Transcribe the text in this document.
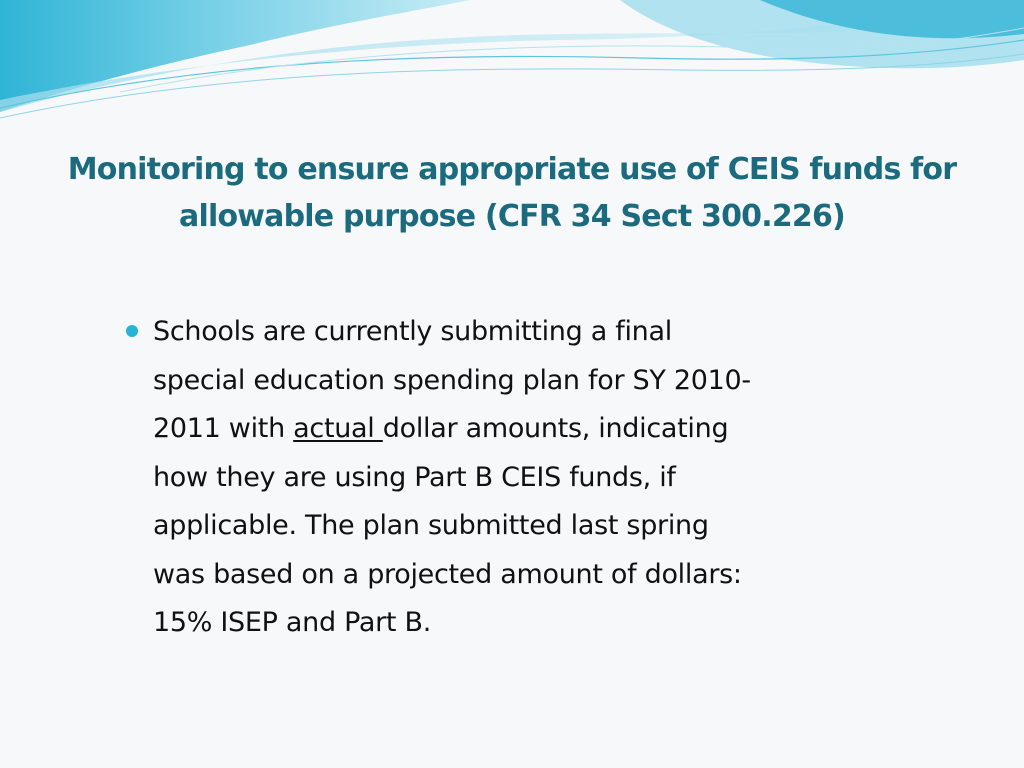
Monitoring to ensure appropriate use of CEIS funds for
allowable purpose (CFR 34 Sect 300.226)
Schools are currently submitting a final
special education spending plan for SY 2010-
2011 with actual dollar amounts, indicating
how they are using Part B CEIS funds, if
applicable. The plan submitted last spring
was based on a projected amount of dollars:
15% ISEP and Part B.
